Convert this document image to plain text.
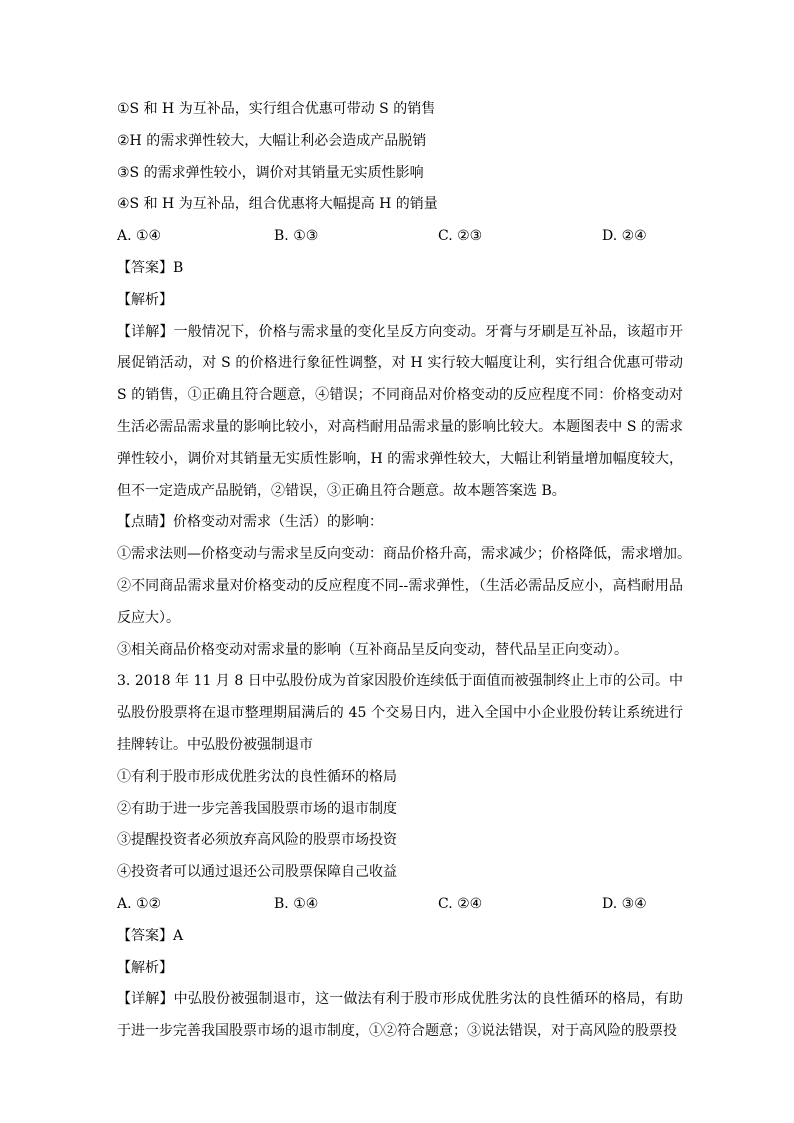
①S 和 H 为互补品，实行组合优惠可带动 S 的销售
②H 的需求弹性较大，大幅让利必会造成产品脱销
③S 的需求弹性较小，调价对其销量无实质性影响
④S 和 H 为互补品，组合优惠将大幅提高 H 的销量
A. ①④	B. ①③	C. ②③	D. ②④
【答案】B
【解析】
【详解】一般情况下，价格与需求量的变化呈反方向变动。牙膏与牙刷是互补品，该超市开展促销活动，对 S 的价格进行象征性调整，对 H 实行较大幅度让利，实行组合优惠可带动 S 的销售，①正确且符合题意，④错误；不同商品对价格变动的反应程度不同：价格变动对生活必需品需求量的影响比较小，对高档耐用品需求量的影响比较大。本题图表中 S 的需求弹性较小，调价对其销量无实质性影响，H 的需求弹性较大，大幅让利销量增加幅度较大，但不一定造成产品脱销，②错误，③正确且符合题意。故本题答案选 B。
【点睛】价格变动对需求（生活）的影响：
①需求法则—价格变动与需求呈反向变动：商品价格升高，需求减少；价格降低，需求增加。
②不同商品需求量对价格变动的反应程度不同--需求弹性，（生活必需品反应小，高档耐用品反应大）。
③相关商品价格变动对需求量的影响（互补商品呈反向变动，替代品呈正向变动）。
3. 2018 年 11 月 8 日中弘股份成为首家因股价连续低于面值而被强制终止上市的公司。中弘股份股票将在退市整理期届满后的 45 个交易日内，进入全国中小企业股份转让系统进行挂牌转让。中弘股份被强制退市
①有利于股市形成优胜劣汰的良性循环的格局
②有助于进一步完善我国股票市场的退市制度
③提醒投资者必须放弃高风险的股票市场投资
④投资者可以通过退还公司股票保障自己收益
A. ①②	B. ①④	C. ②④	D. ③④
【答案】A
【解析】
【详解】中弘股份被强制退市，这一做法有利于股市形成优胜劣汰的良性循环的格局，有助于进一步完善我国股票市场的退市制度，①②符合题意；③说法错误，对于高风险的股票投
